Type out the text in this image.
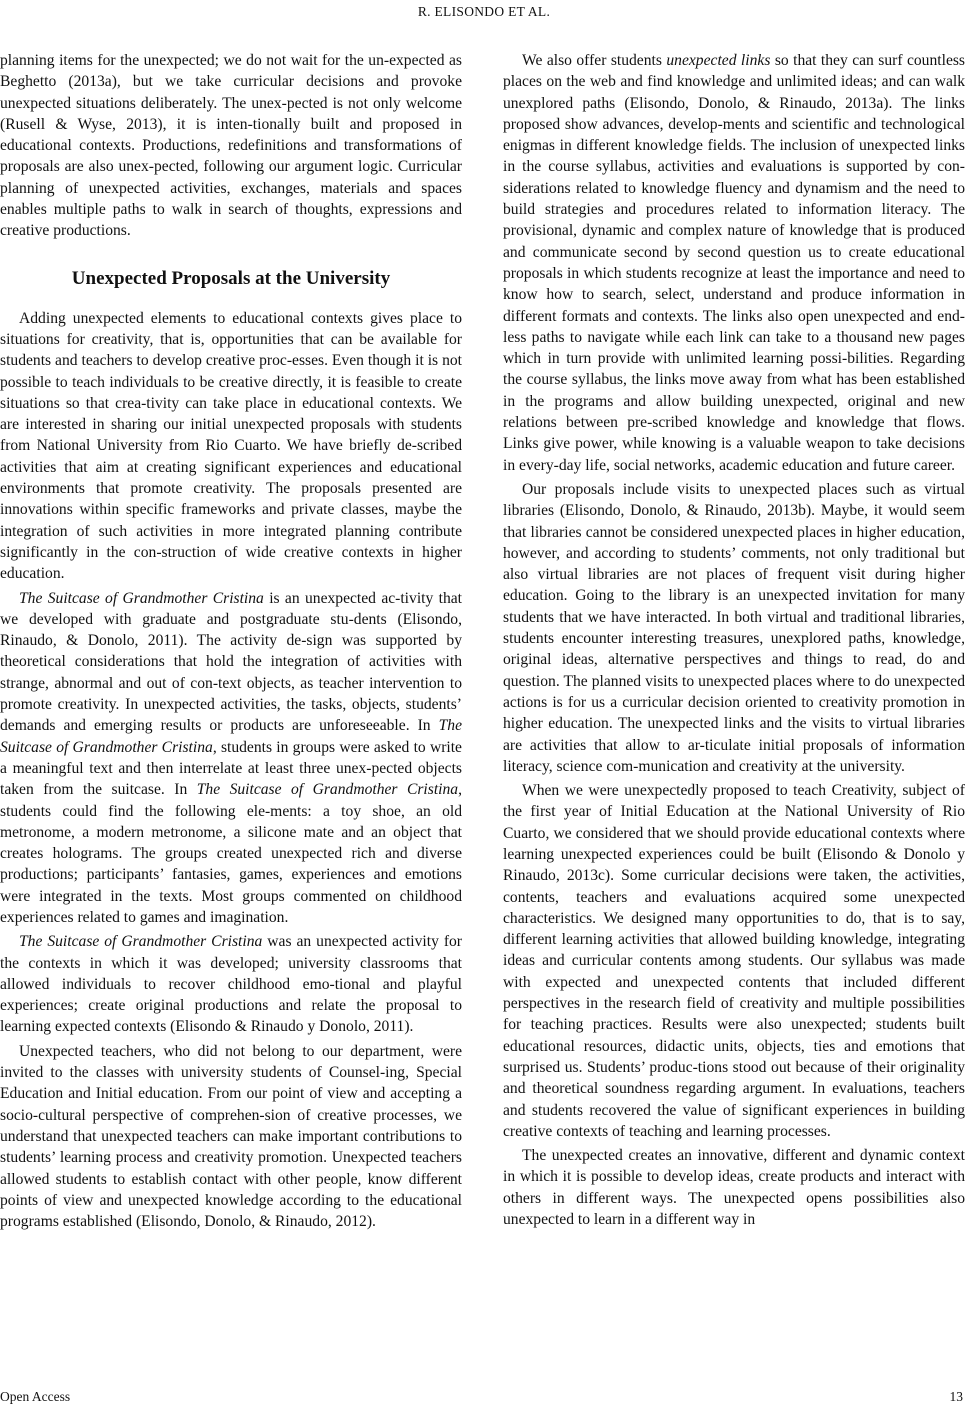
R. ELISONDO ET AL.

planning items for the unexpected; we do not wait for the un-expected as Beghetto (2013a), but we take curricular decisions and provoke unexpected situations deliberately. The unex-pected is not only welcome (Rusell & Wyse, 2013), it is inten-tionally built and proposed in educational contexts. Productions, redefinitions and transformations of proposals are also unex-pected, following our argument logic. Curricular planning of unexpected activities, exchanges, materials and spaces enables multiple paths to walk in search of thoughts, expressions and creative productions.

Unexpected Proposals at the University

Adding unexpected elements to educational contexts gives place to situations for creativity, that is, opportunities that can be available for students and teachers to develop creative proc-esses. Even though it is not possible to teach individuals to be creative directly, it is feasible to create situations so that crea-tivity can take place in educational contexts. We are interested in sharing our initial unexpected proposals with students from National University from Rio Cuarto. We have briefly de-scribed activities that aim at creating significant experiences and educational environments that promote creativity. The proposals presented are innovations within specific frameworks and private classes, maybe the integration of such activities in more integrated planning contribute significantly in the con-struction of wide creative contexts in higher education.

The Suitcase of Grandmother Cristina is an unexpected ac-tivity that we developed with graduate and postgraduate stu-dents (Elisondo, Rinaudo, & Donolo, 2011). The activity de-sign was supported by theoretical considerations that hold the integration of activities with strange, abnormal and out of con-text objects, as teacher intervention to promote creativity. In unexpected activities, the tasks, objects, students’ demands and emerging results or products are unforeseeable. In The Suitcase of Grandmother Cristina, students in groups were asked to write a meaningful text and then interrelate at least three unex-pected objects taken from the suitcase. In The Suitcase of Grandmother Cristina, students could find the following ele-ments: a toy shoe, an old metronome, a modern metronome, a silicone mate and an object that creates holograms. The groups created unexpected rich and diverse productions; participants’ fantasies, games, experiences and emotions were integrated in the texts. Most groups commented on childhood experiences related to games and imagination.

The Suitcase of Grandmother Cristina was an unexpected activity for the contexts in which it was developed; university classrooms that allowed individuals to recover childhood emo-tional and playful experiences; create original productions and relate the proposal to learning expected contexts (Elisondo & Rinaudo y Donolo, 2011).

Unexpected teachers, who did not belong to our department, were invited to the classes with university students of Counsel-ing, Special Education and Initial education. From our point of view and accepting a socio-cultural perspective of comprehen-sion of creative processes, we understand that unexpected teachers can make important contributions to students’ learning process and creativity promotion. Unexpected teachers allowed students to establish contact with other people, know different points of view and unexpected knowledge according to the educational programs established (Elisondo, Donolo, & Rinaudo, 2012).

We also offer students unexpected links so that they can surf countless places on the web and find knowledge and unlimited ideas; and can walk unexplored paths (Elisondo, Donolo, & Rinaudo, 2013a). The links proposed show advances, develop-ments and scientific and technological enigmas in different knowledge fields. The inclusion of unexpected links in the course syllabus, activities and evaluations is supported by con-siderations related to knowledge fluency and dynamism and the need to build strategies and procedures related to information literacy. The provisional, dynamic and complex nature of knowledge that is produced and communicate second by second question us to create educational proposals in which students recognize at least the importance and need to know how to search, select, understand and produce information in different formats and contexts. The links also open unexpected and end-less paths to navigate while each link can take to a thousand new pages which in turn provide with unlimited learning possi-bilities. Regarding the course syllabus, the links move away from what has been established in the programs and allow building unexpected, original and new relations between pre-scribed knowledge and knowledge that flows. Links give power, while knowing is a valuable weapon to take decisions in every-day life, social networks, academic education and future career.

Our proposals include visits to unexpected places such as virtual libraries (Elisondo, Donolo, & Rinaudo, 2013b). Maybe, it would seem that libraries cannot be considered unexpected places in higher education, however, and according to students’ comments, not only traditional but also virtual libraries are not places of frequent visit during higher education. Going to the library is an unexpected invitation for many students that we have interacted. In both virtual and traditional libraries, students encounter interesting treasures, unexplored paths, knowledge, original ideas, alternative perspectives and things to read, do and question. The planned visits to unexpected places where to do unexpected actions is for us a curricular decision oriented to creativity promotion in higher education. The unexpected links and the visits to virtual libraries are activities that allow to ar-ticulate initial proposals of information literacy, science com-munication and creativity at the university.

When we were unexpectedly proposed to teach Creativity, subject of the first year of Initial Education at the National University of Rio Cuarto, we considered that we should provide educational contexts where learning unexpected experiences could be built (Elisondo & Donolo y Rinaudo, 2013c). Some curricular decisions were taken, the activities, contents, teachers and evaluations acquired some unexpected characteristics. We designed many opportunities to do, that is to say, different learning activities that allowed building knowledge, integrating ideas and curricular contents among students. Our syllabus was made with expected and unexpected contents that included different perspectives in the research field of creativity and multiple possibilities for teaching practices. Results were also unexpected; students built educational resources, didactic units, objects, ties and emotions that surprised us. Students’ produc-tions stood out because of their originality and theoretical soundness regarding argument. In evaluations, teachers and students recovered the value of significant experiences in building creative contexts of teaching and learning processes.

The unexpected creates an innovative, different and dynamic context in which it is possible to develop ideas, create products and interact with others in different ways. The unexpected opens possibilities also unexpected to learn in a different way in

Open Access	13
